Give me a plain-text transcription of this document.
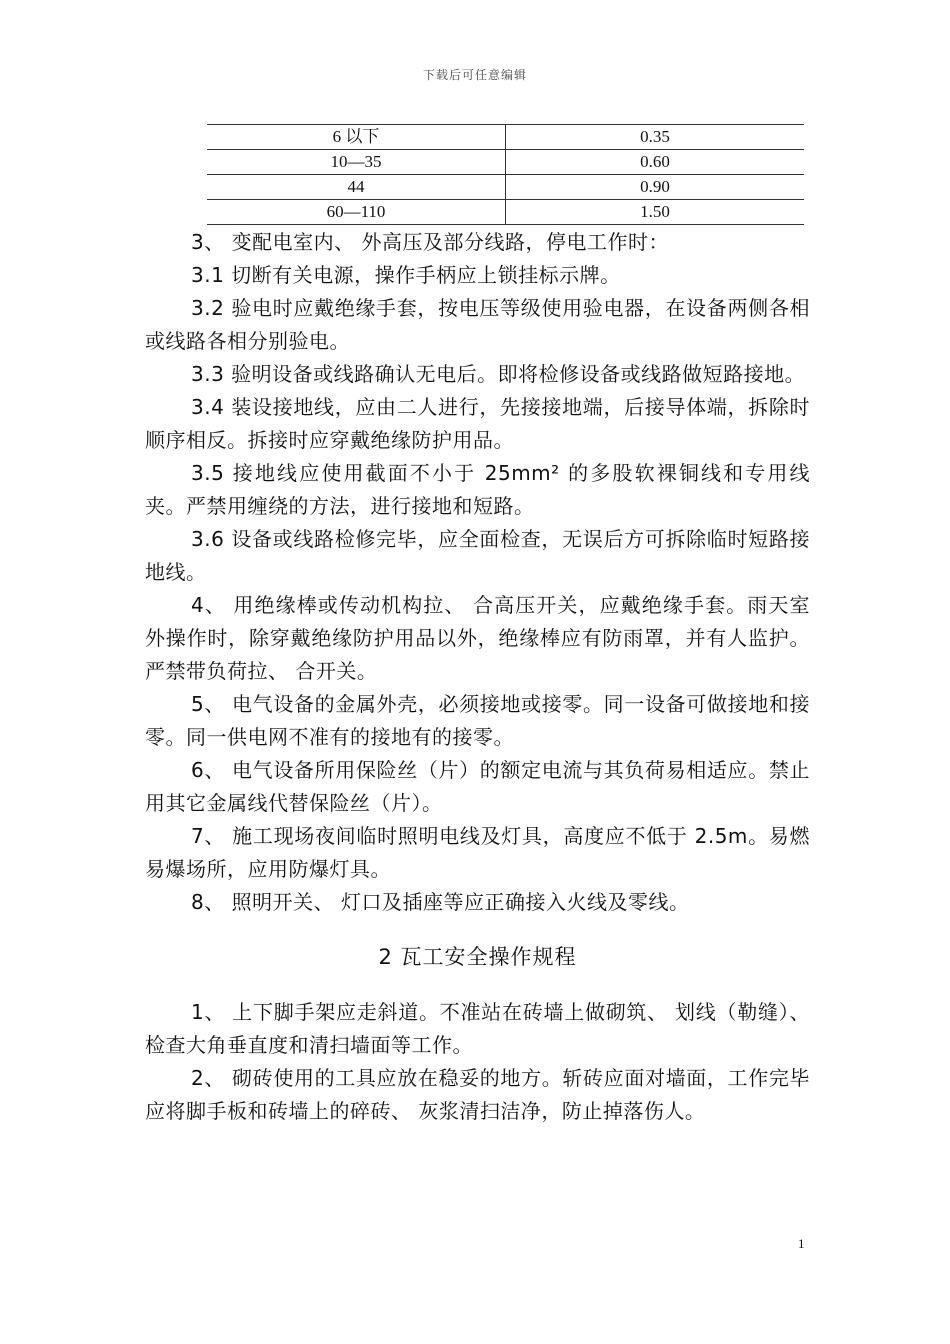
下载后可任意编辑
6 以下	0.35
10—35	0.60
44	0.90
60—110	1.50

3、 变配电室内、 外高压及部分线路，停电工作时：

3.1 切断有关电源，操作手柄应上锁挂标示牌。

3.2 验电时应戴绝缘手套，按电压等级使用验电器，在设备两侧各相或线路各相分别验电。

3.3 验明设备或线路确认无电后。即将检修设备或线路做短路接地。

3.4 装设接地线，应由二人进行，先接接地端，后接导体端，拆除时顺序相反。拆接时应穿戴绝缘防护用品。

3.5 接地线应使用截面不小于 25mm² 的多股软裸铜线和专用线夹。严禁用缠绕的方法，进行接地和短路。

3.6 设备或线路检修完毕，应全面检查，无误后方可拆除临时短路接地线。

4、 用绝缘棒或传动机构拉、 合高压开关，应戴绝缘手套。雨天室外操作时，除穿戴绝缘防护用品以外，绝缘棒应有防雨罩，并有人监护。严禁带负荷拉、 合开关。

5、 电气设备的金属外壳，必须接地或接零。同一设备可做接地和接零。同一供电网不准有的接地有的接零。

6、 电气设备所用保险丝（片）的额定电流与其负荷易相适应。禁止用其它金属线代替保险丝（片）。

7、 施工现场夜间临时照明电线及灯具，高度应不低于 2.5m。易燃易爆场所，应用防爆灯具。

8、 照明开关、 灯口及插座等应正确接入火线及零线。

2 瓦工安全操作规程

1、 上下脚手架应走斜道。不准站在砖墙上做砌筑、 划线（勒缝）、 检查大角垂直度和清扫墙面等工作。

2、 砌砖使用的工具应放在稳妥的地方。斩砖应面对墙面，工作完毕应将脚手板和砖墙上的碎砖、 灰浆清扫洁净，防止掉落伤人。

1
